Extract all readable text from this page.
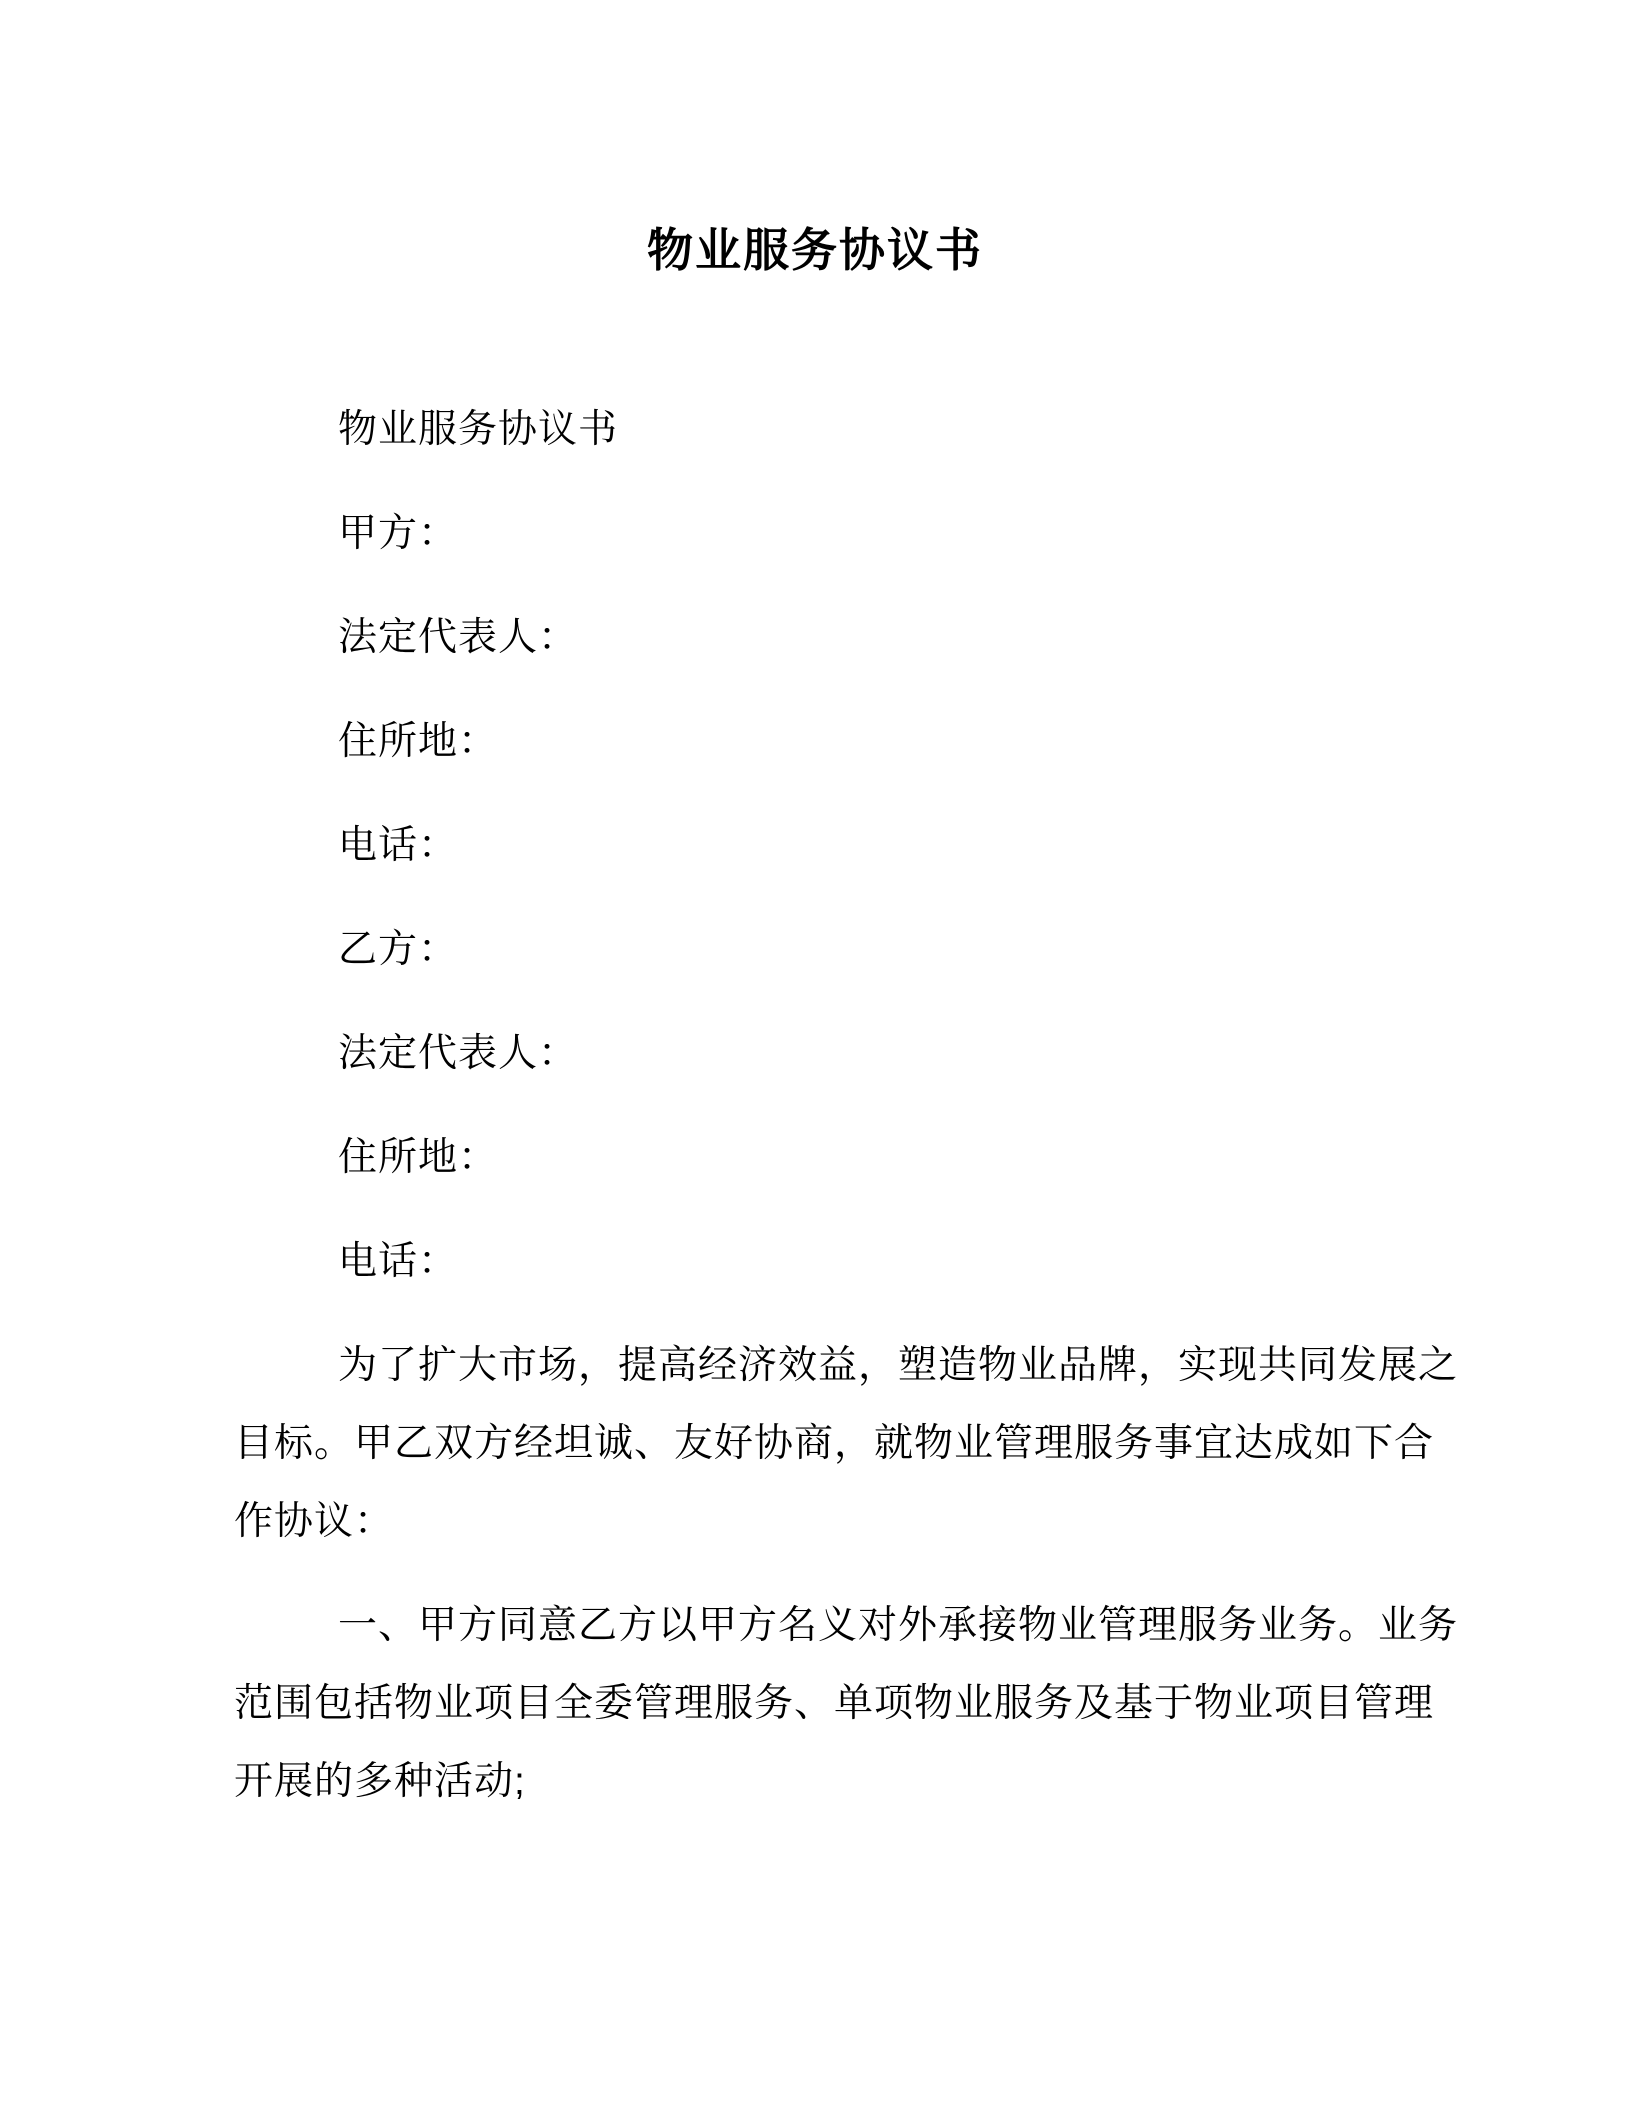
物业服务协议书
物业服务协议书
甲方：
法定代表人：
住所地：
电话：
乙方：
法定代表人：
住所地：
电话：
为了扩大市场，提高经济效益，塑造物业品牌，实现共同发展之
目标。甲乙双方经坦诚、友好协商，就物业管理服务事宜达成如下合
作协议：
一、甲方同意乙方以甲方名义对外承接物业管理服务业务。业务
范围包括物业项目全委管理服务、单项物业服务及基于物业项目管理
开展的多种活动;
